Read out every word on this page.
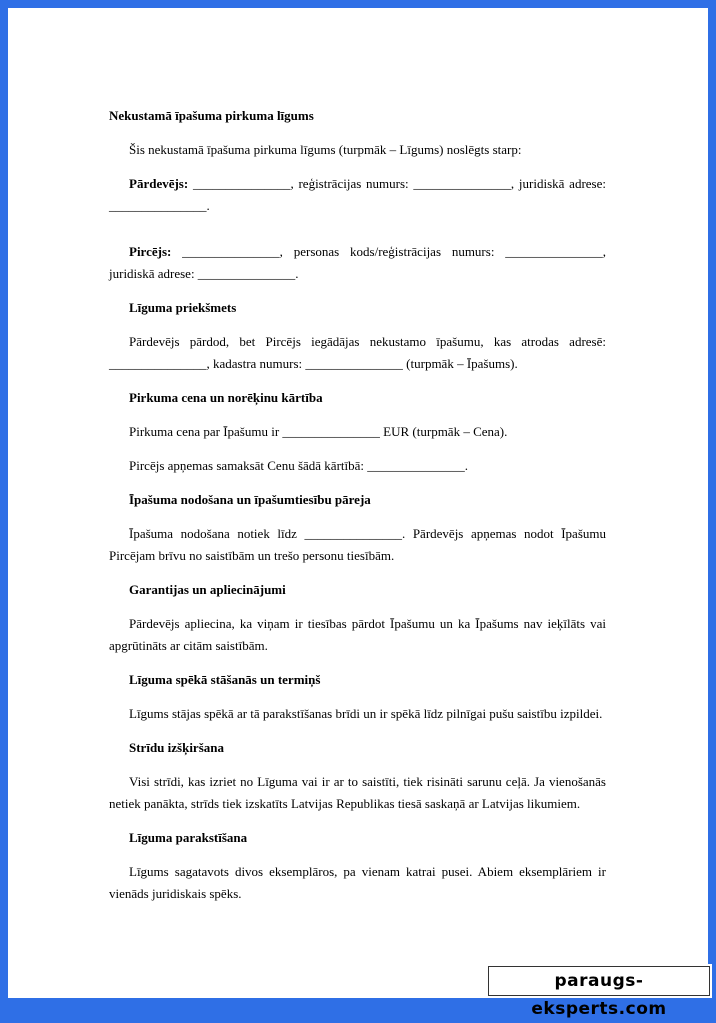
Nekustamā īpašuma pirkuma līgums

Šis nekustamā īpašuma pirkuma līgums (turpmāk – Līgums) noslēgts starp:

Pārdevējs: _______________, reģistrācijas numurs: _______________, juridiskā adrese: _______________.

Pircējs: _______________, personas kods/reģistrācijas numurs: _______________, juridiskā adrese: _______________.

Līguma priekšmets

Pārdevējs pārdod, bet Pircējs iegādājas nekustamo īpašumu, kas atrodas adresē: _______________, kadastra numurs: _______________ (turpmāk – Īpašums).

Pirkuma cena un norēķinu kārtība

Pirkuma cena par Īpašumu ir _______________ EUR (turpmāk – Cena).

Pircējs apņemas samaksāt Cenu šādā kārtībā: _______________.

Īpašuma nodošana un īpašumtiesību pāreja

Īpašuma nodošana notiek līdz _______________. Pārdevējs apņemas nodot Īpašumu Pircējam brīvu no saistībām un trešo personu tiesībām.

Garantijas un apliecinājumi

Pārdevējs apliecina, ka viņam ir tiesības pārdot Īpašumu un ka Īpašums nav ieķīlāts vai apgrūtināts ar citām saistībām.

Līguma spēkā stāšanās un termiņš

Līgums stājas spēkā ar tā parakstīšanas brīdi un ir spēkā līdz pilnīgai pušu saistību izpildei.

Strīdu izšķiršana

Visi strīdi, kas izriet no Līguma vai ir ar to saistīti, tiek risināti sarunu ceļā. Ja vienošanās netiek panākta, strīds tiek izskatīts Latvijas Republikas tiesā saskaņā ar Latvijas likumiem.

Līguma parakstīšana

Līgums sagatavots divos eksemplāros, pa vienam katrai pusei. Abiem eksemplāriem ir vienāds juridiskais spēks.

paraugs-eksperts.com
